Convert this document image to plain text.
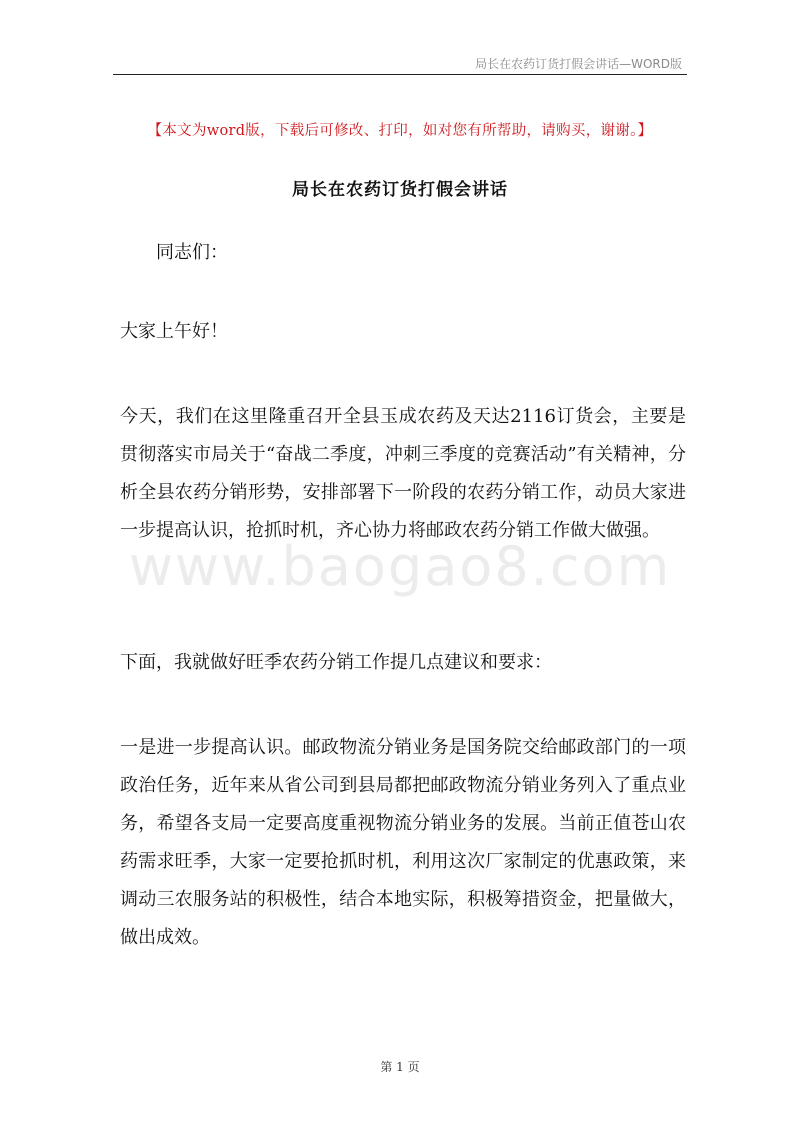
局长在农药订货打假会讲话—WORD版
www.baogao8.com
【本文为word版，下载后可修改、打印，如对您有所帮助，请购买，谢谢。】
局长在农药订货打假会讲话

　　同志们：

大家上午好！

今天，我们在这里隆重召开全县玉成农药及天达2116订货会，主要是贯彻落实市局关于“奋战二季度，冲刺三季度的竞赛活动”有关精神，分析全县农药分销形势，安排部署下一阶段的农药分销工作，动员大家进一步提高认识，抢抓时机，齐心协力将邮政农药分销工作做大做强。

下面，我就做好旺季农药分销工作提几点建议和要求：

一是进一步提高认识。邮政物流分销业务是国务院交给邮政部门的一项政治任务，近年来从省公司到县局都把邮政物流分销业务列入了重点业务，希望各支局一定要高度重视物流分销业务的发展。当前正值苍山农药需求旺季，大家一定要抢抓时机，利用这次厂家制定的优惠政策，来调动三农服务站的积极性，结合本地实际，积极筹措资金，把量做大，做出成效。

第 1 页
